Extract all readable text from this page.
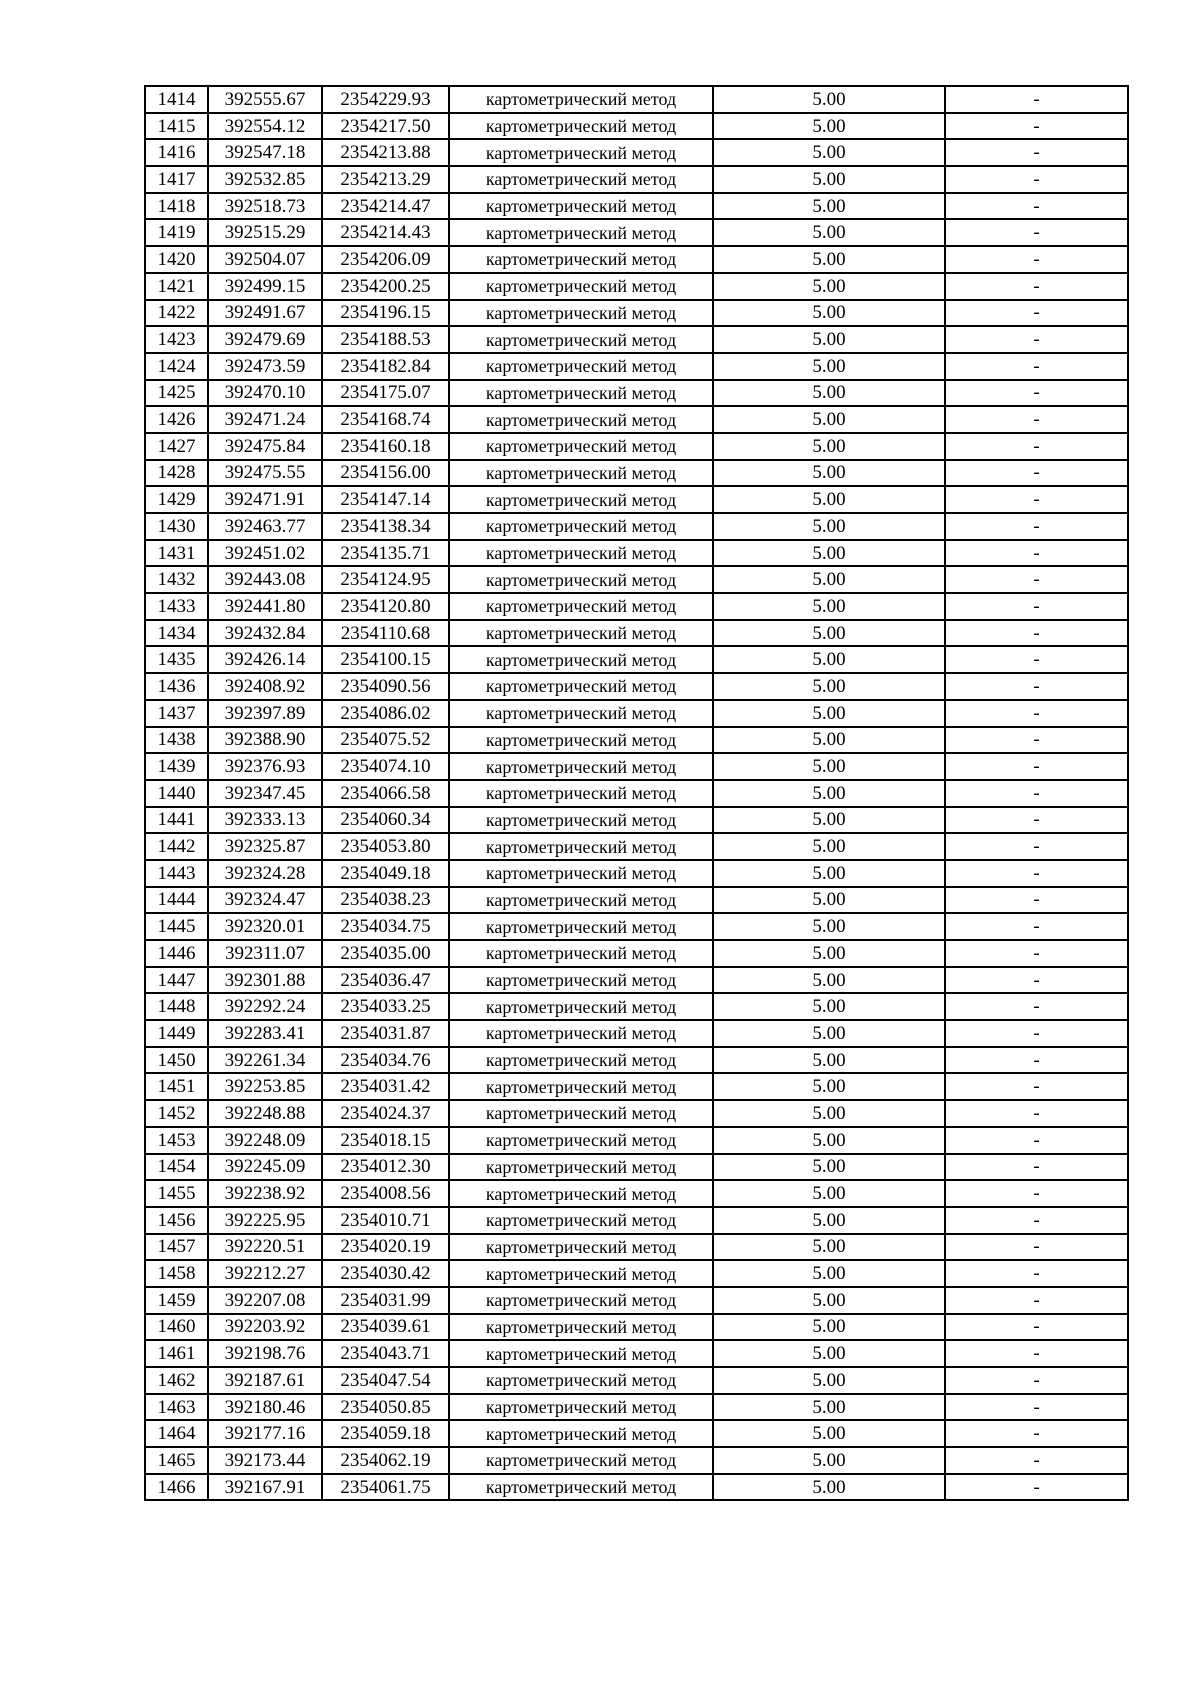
1414	392555.67	2354229.93	картометрический метод	5.00	-
1415	392554.12	2354217.50	картометрический метод	5.00	-
1416	392547.18	2354213.88	картометрический метод	5.00	-
1417	392532.85	2354213.29	картометрический метод	5.00	-
1418	392518.73	2354214.47	картометрический метод	5.00	-
1419	392515.29	2354214.43	картометрический метод	5.00	-
1420	392504.07	2354206.09	картометрический метод	5.00	-
1421	392499.15	2354200.25	картометрический метод	5.00	-
1422	392491.67	2354196.15	картометрический метод	5.00	-
1423	392479.69	2354188.53	картометрический метод	5.00	-
1424	392473.59	2354182.84	картометрический метод	5.00	-
1425	392470.10	2354175.07	картометрический метод	5.00	-
1426	392471.24	2354168.74	картометрический метод	5.00	-
1427	392475.84	2354160.18	картометрический метод	5.00	-
1428	392475.55	2354156.00	картометрический метод	5.00	-
1429	392471.91	2354147.14	картометрический метод	5.00	-
1430	392463.77	2354138.34	картометрический метод	5.00	-
1431	392451.02	2354135.71	картометрический метод	5.00	-
1432	392443.08	2354124.95	картометрический метод	5.00	-
1433	392441.80	2354120.80	картометрический метод	5.00	-
1434	392432.84	2354110.68	картометрический метод	5.00	-
1435	392426.14	2354100.15	картометрический метод	5.00	-
1436	392408.92	2354090.56	картометрический метод	5.00	-
1437	392397.89	2354086.02	картометрический метод	5.00	-
1438	392388.90	2354075.52	картометрический метод	5.00	-
1439	392376.93	2354074.10	картометрический метод	5.00	-
1440	392347.45	2354066.58	картометрический метод	5.00	-
1441	392333.13	2354060.34	картометрический метод	5.00	-
1442	392325.87	2354053.80	картометрический метод	5.00	-
1443	392324.28	2354049.18	картометрический метод	5.00	-
1444	392324.47	2354038.23	картометрический метод	5.00	-
1445	392320.01	2354034.75	картометрический метод	5.00	-
1446	392311.07	2354035.00	картометрический метод	5.00	-
1447	392301.88	2354036.47	картометрический метод	5.00	-
1448	392292.24	2354033.25	картометрический метод	5.00	-
1449	392283.41	2354031.87	картометрический метод	5.00	-
1450	392261.34	2354034.76	картометрический метод	5.00	-
1451	392253.85	2354031.42	картометрический метод	5.00	-
1452	392248.88	2354024.37	картометрический метод	5.00	-
1453	392248.09	2354018.15	картометрический метод	5.00	-
1454	392245.09	2354012.30	картометрический метод	5.00	-
1455	392238.92	2354008.56	картометрический метод	5.00	-
1456	392225.95	2354010.71	картометрический метод	5.00	-
1457	392220.51	2354020.19	картометрический метод	5.00	-
1458	392212.27	2354030.42	картометрический метод	5.00	-
1459	392207.08	2354031.99	картометрический метод	5.00	-
1460	392203.92	2354039.61	картометрический метод	5.00	-
1461	392198.76	2354043.71	картометрический метод	5.00	-
1462	392187.61	2354047.54	картометрический метод	5.00	-
1463	392180.46	2354050.85	картометрический метод	5.00	-
1464	392177.16	2354059.18	картометрический метод	5.00	-
1465	392173.44	2354062.19	картометрический метод	5.00	-
1466	392167.91	2354061.75	картометрический метод	5.00	-
